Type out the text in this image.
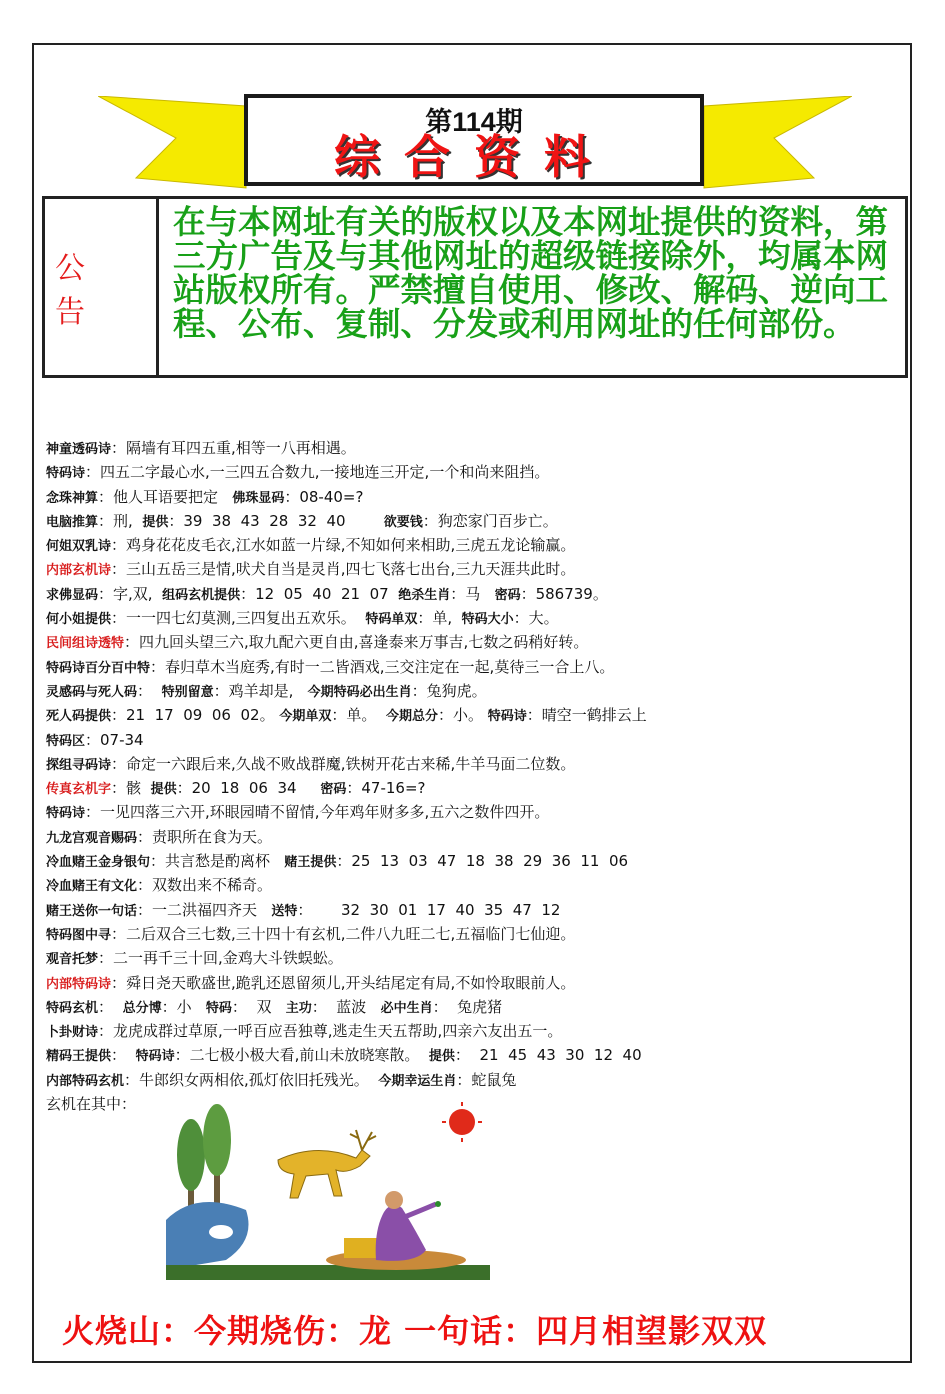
第114期
综合资料
公告
在与本网址有关的版权以及本网址提供的资料，第三方广告及与其他网址的超级链接除外，均属本网站版权所有。严禁擅自使用、修改、解码、逆向工程、公布、复制、分发或利用网址的任何部份。
神童透码诗：隔墙有耳四五重,相等一八再相遇。
特码诗：四五二字最心水,一三四五合数九,一接地连三开定,一个和尚来阻挡。
念珠神算：他人耳语要把定   佛珠显码：08-40=?
电脑推算：刑,  提供：39  38  43  28  32  40        欲要钱：狗恋家门百步亡。
何姐双乳诗：鸡身花花皮毛衣,江水如蓝一片绿,不知如何来相助,三虎五龙论输赢。
内部玄机诗：三山五岳三是情,吠犬自当是灵肖,四七飞落七出台,三九天涯共此时。
求佛显码：字,双,  组码玄机提供：12  05  40  21  07  绝杀生肖：马   密码：586739。
何小姐提供：一一四七幻莫测,三四复出五欢乐。  特码单双：单,  特码大小：大。
民间组诗透特：四九回头望三六,取九配六更自由,喜逢泰来万事吉,七数之码稍好转。
特码诗百分百中特：春归草木当庭秀,有时一二皆酒戏,三交注定在一起,莫待三一合上八。
灵感码与死人码：  特别留意：鸡羊却是,   今期特码必出生肖：兔狗虎。
死人码提供：21  17  09  06  02。 今期单双：单。  今期总分：小。 特码诗：晴空一鹤排云上
特码区：07-34
探组寻码诗：命定一六跟后来,久战不败战群魔,铁树开花古来稀,牛羊马面二位数。
传真玄机字：骸  提供：20  18  06  34     密码：47-16=?
特码诗：一见四落三六开,环眼园晴不留情,今年鸡年财多多,五六之数件四开。
九龙宫观音赐码：责职所在食为天。
冷血赌王金身银句：共言愁是酌离杯   赌王提供：25  13  03  47  18  38  29  36  11  06
冷血赌王有文化：双数出来不稀奇。
赌王送你一句话：一二洪福四齐天   送特：      32  30  01  17  40  35  47  12
特码图中寻：二后双合三七数,三十四十有玄机,二件八九旺二七,五福临门七仙迎。
观音托梦：二一再千三十回,金鸡大斗铁蜈蚣。
内部特码诗：舜日尧天歌盛世,跪乳还恩留须儿,开头结尾定有局,不如怜取眼前人。
特码玄机：  总分博：小   特码：  双   主功：  蓝波   必中生肖：  兔虎猪
卜卦财诗：龙虎成群过草原,一呼百应吾独尊,逃走生天五帮助,四亲六友出五一。
精码王提供：  特码诗：二七极小极大看,前山未放晓寒散。  提供：  21  45  43  30  12  40
内部特码玄机：牛郎织女两相依,孤灯依旧托残光。  今期幸运生肖：蛇鼠兔
玄机在其中：
火烧山：今期烧伤：龙 一句话：四月相望影双双
